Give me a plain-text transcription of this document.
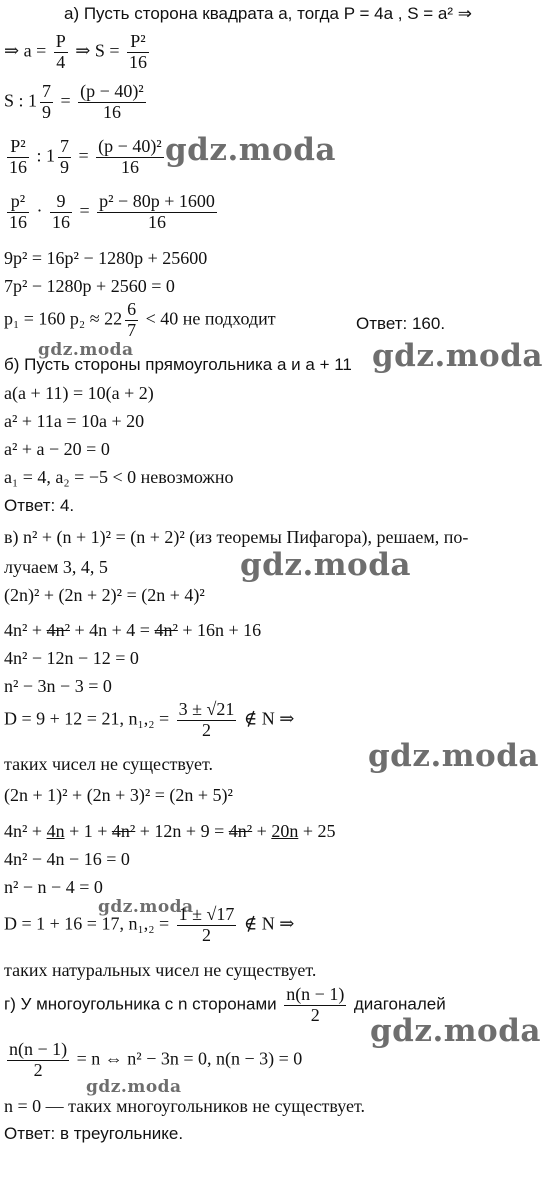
gdz.moda
gdz.moda	gdz.moda
gdz.moda
gdz.moda
gdz.moda
gdz.moda
gdz.moda
а) Пусть сторона квадрата a, тогда P = 4a , S = a² ⇒
⇒ $a = \frac{P}{4}$ ⇒ $S = \frac{\text{P²}}{16}$
S : $1 \frac{7}{9} = \frac{\text{(p − 40)²}}{16}$
$\frac{\text{P²}}{16}$ : $1 \frac{7}{9} = \frac{\text{(p − 40)²}}{16}$
$\frac{\text{p²}}{16} \cdot \frac{9}{16} = \frac{\text{p² − 80p + 1600}}{16}$
9p² = 16p² − 1280p + 25600
7p² − 1280p + 2560 = 0
p₁ = 160 $p_2 \approx 22 \frac{6}{7} < 40$ не подходит	Ответ: 160.
б) Пусть стороны прямоугольника a и a + 11
a(a + 11) = 10(a + 2)
a² + 11a = 10a + 20
a² + a − 20 = 0
a₁ = 4, a₂ = −5 < 0 невозможно
Ответ: 4.
в) n² + (n + 1)² = (n + 2)² (из теоремы Пифагора), решаем, по-
лучаем 3, 4, 5
(2n)² + (2n + 2)² = (2n + 4)²
4n² + 4n² + 4n + 4 = 4n² + 16n + 16
4n² − 12n − 12 = 0
n² − 3n − 3 = 0
D = 9 + 12 = 21, $n_1,_2 = \frac{3 \pm √21}{2}$ ∉ N ⇒
таких чисел не существует.
(2n + 1)² + (2n + 3)² = (2n + 5)²
4n² + 4n + 1 + 4n² + 12n + 9 = 4n² + 20n + 25
4n² − 4n − 16 = 0
n² − n − 4 = 0
D = 1 + 16 = 17, $n_1,_2 = \frac{1 \pm √17}{2}$ ∉ N ⇒
таких натуральных чисел не существует.
г) У многоугольника с n сторонами $\frac{n(n - 1)}{2}$ диагоналей
$\frac{n(n - 1)}{2} = n$ ⇔ n² − 3n = 0, n(n − 3) = 0
n = 0 — таких многоугольников не существует.
Ответ: в треугольнике.
